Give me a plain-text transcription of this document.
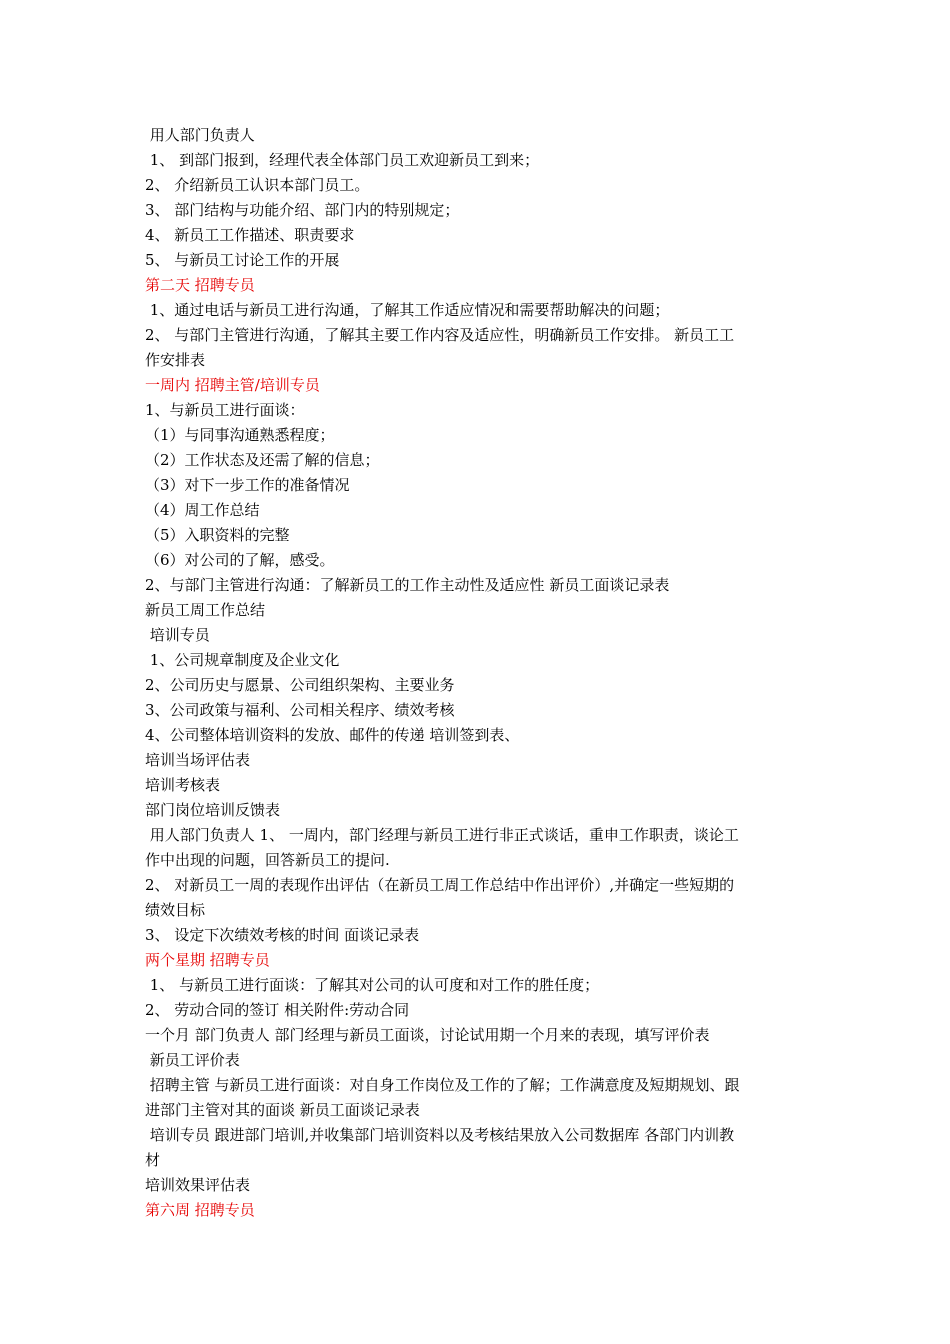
用人部门负责人
1、 到部门报到，经理代表全体部门员工欢迎新员工到来；
2、 介绍新员工认识本部门员工。
3、 部门结构与功能介绍、部门内的特别规定；
4、 新员工工作描述、职责要求
5、 与新员工讨论工作的开展
第二天 招聘专员
1、通过电话与新员工进行沟通，了解其工作适应情况和需要帮助解决的问题；
2、 与部门主管进行沟通，了解其主要工作内容及适应性，明确新员工作安排。 新员工工
作安排表
一周内 招聘主管/培训专员
1、与新员工进行面谈：
（1）与同事沟通熟悉程度；
（2）工作状态及还需了解的信息；
（3）对下一步工作的准备情况
（4）周工作总结
（5）入职资料的完整
（6）对公司的了解，感受。
2、与部门主管进行沟通：了解新员工的工作主动性及适应性 新员工面谈记录表
新员工周工作总结
培训专员
1、公司规章制度及企业文化
2、公司历史与愿景、公司组织架构、主要业务
3、公司政策与福利、公司相关程序、绩效考核
4、公司整体培训资料的发放、邮件的传递 培训签到表、
培训当场评估表
培训考核表
部门岗位培训反馈表
用人部门负责人 1、 一周内，部门经理与新员工进行非正式谈话，重申工作职责，谈论工
作中出现的问题，回答新员工的提问.
2、 对新员工一周的表现作出评估（在新员工周工作总结中作出评价）,并确定一些短期的
绩效目标
3、 设定下次绩效考核的时间 面谈记录表
两个星期 招聘专员
1、 与新员工进行面谈：了解其对公司的认可度和对工作的胜任度；
2、 劳动合同的签订 相关附件:劳动合同
一个月 部门负责人 部门经理与新员工面谈，讨论试用期一个月来的表现，填写评价表
新员工评价表
招聘主管 与新员工进行面谈：对自身工作岗位及工作的了解；工作满意度及短期规划、跟
进部门主管对其的面谈 新员工面谈记录表
培训专员 跟进部门培训,并收集部门培训资料以及考核结果放入公司数据库 各部门内训教
材
培训效果评估表
第六周 招聘专员
